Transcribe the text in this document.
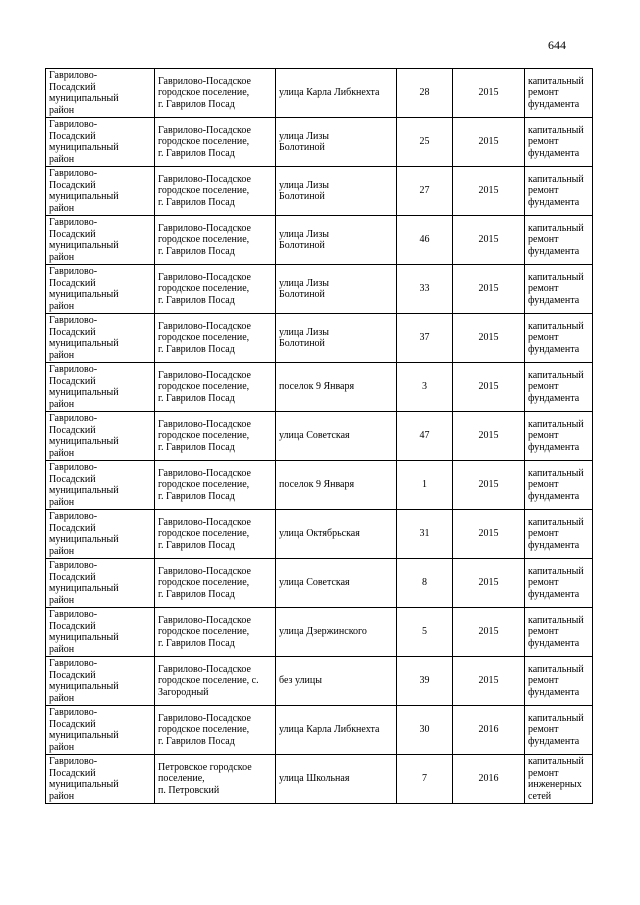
644
Гаврилово-
Посадский
муниципальный
район	Гаврилово-Посадское
городское поселение,
г. Гаврилов Посад	улица Карла Либкнехта	28	2015	капитальный
ремонт
фундамента

Гаврилово-
Посадский
муниципальный
район	Гаврилово-Посадское
городское поселение,
г. Гаврилов Посад	улица Лизы
Болотиной	25	2015	капитальный
ремонт
фундамента

Гаврилово-
Посадский
муниципальный
район	Гаврилово-Посадское
городское поселение,
г. Гаврилов Посад	улица Лизы
Болотиной	27	2015	капитальный
ремонт
фундамента

Гаврилово-
Посадский
муниципальный
район	Гаврилово-Посадское
городское поселение,
г. Гаврилов Посад	улица Лизы
Болотиной	46	2015	капитальный
ремонт
фундамента

Гаврилово-
Посадский
муниципальный
район	Гаврилово-Посадское
городское поселение,
г. Гаврилов Посад	улица Лизы
Болотиной	33	2015	капитальный
ремонт
фундамента

Гаврилово-
Посадский
муниципальный
район	Гаврилово-Посадское
городское поселение,
г. Гаврилов Посад	улица Лизы
Болотиной	37	2015	капитальный
ремонт
фундамента

Гаврилово-
Посадский
муниципальный
район	Гаврилово-Посадское
городское поселение,
г. Гаврилов Посад	поселок 9 Января	3	2015	капитальный
ремонт
фундамента

Гаврилово-
Посадский
муниципальный
район	Гаврилово-Посадское
городское поселение,
г. Гаврилов Посад	улица Советская	47	2015	капитальный
ремонт
фундамента

Гаврилово-
Посадский
муниципальный
район	Гаврилово-Посадское
городское поселение,
г. Гаврилов Посад	поселок 9 Января	1	2015	капитальный
ремонт
фундамента

Гаврилово-
Посадский
муниципальный
район	Гаврилово-Посадское
городское поселение,
г. Гаврилов Посад	улица Октябрьская	31	2015	капитальный
ремонт
фундамента

Гаврилово-
Посадский
муниципальный
район	Гаврилово-Посадское
городское поселение,
г. Гаврилов Посад	улица Советская	8	2015	капитальный
ремонт
фундамента

Гаврилово-
Посадский
муниципальный
район	Гаврилово-Посадское
городское поселение,
г. Гаврилов Посад	улица Дзержинского	5	2015	капитальный
ремонт
фундамента

Гаврилово-
Посадский
муниципальный
район	Гаврилово-Посадское
городское поселение, с.
Загородный	без улицы	39	2015	капитальный
ремонт
фундамента

Гаврилово-
Посадский
муниципальный
район	Гаврилово-Посадское
городское поселение,
г. Гаврилов Посад	улица Карла Либкнехта	30	2016	капитальный
ремонт
фундамента

Гаврилово-
Посадский
муниципальный
район	Петровское городское
поселение,
п. Петровский	улица Школьная	7	2016	капитальный
ремонт
инженерных
сетей
